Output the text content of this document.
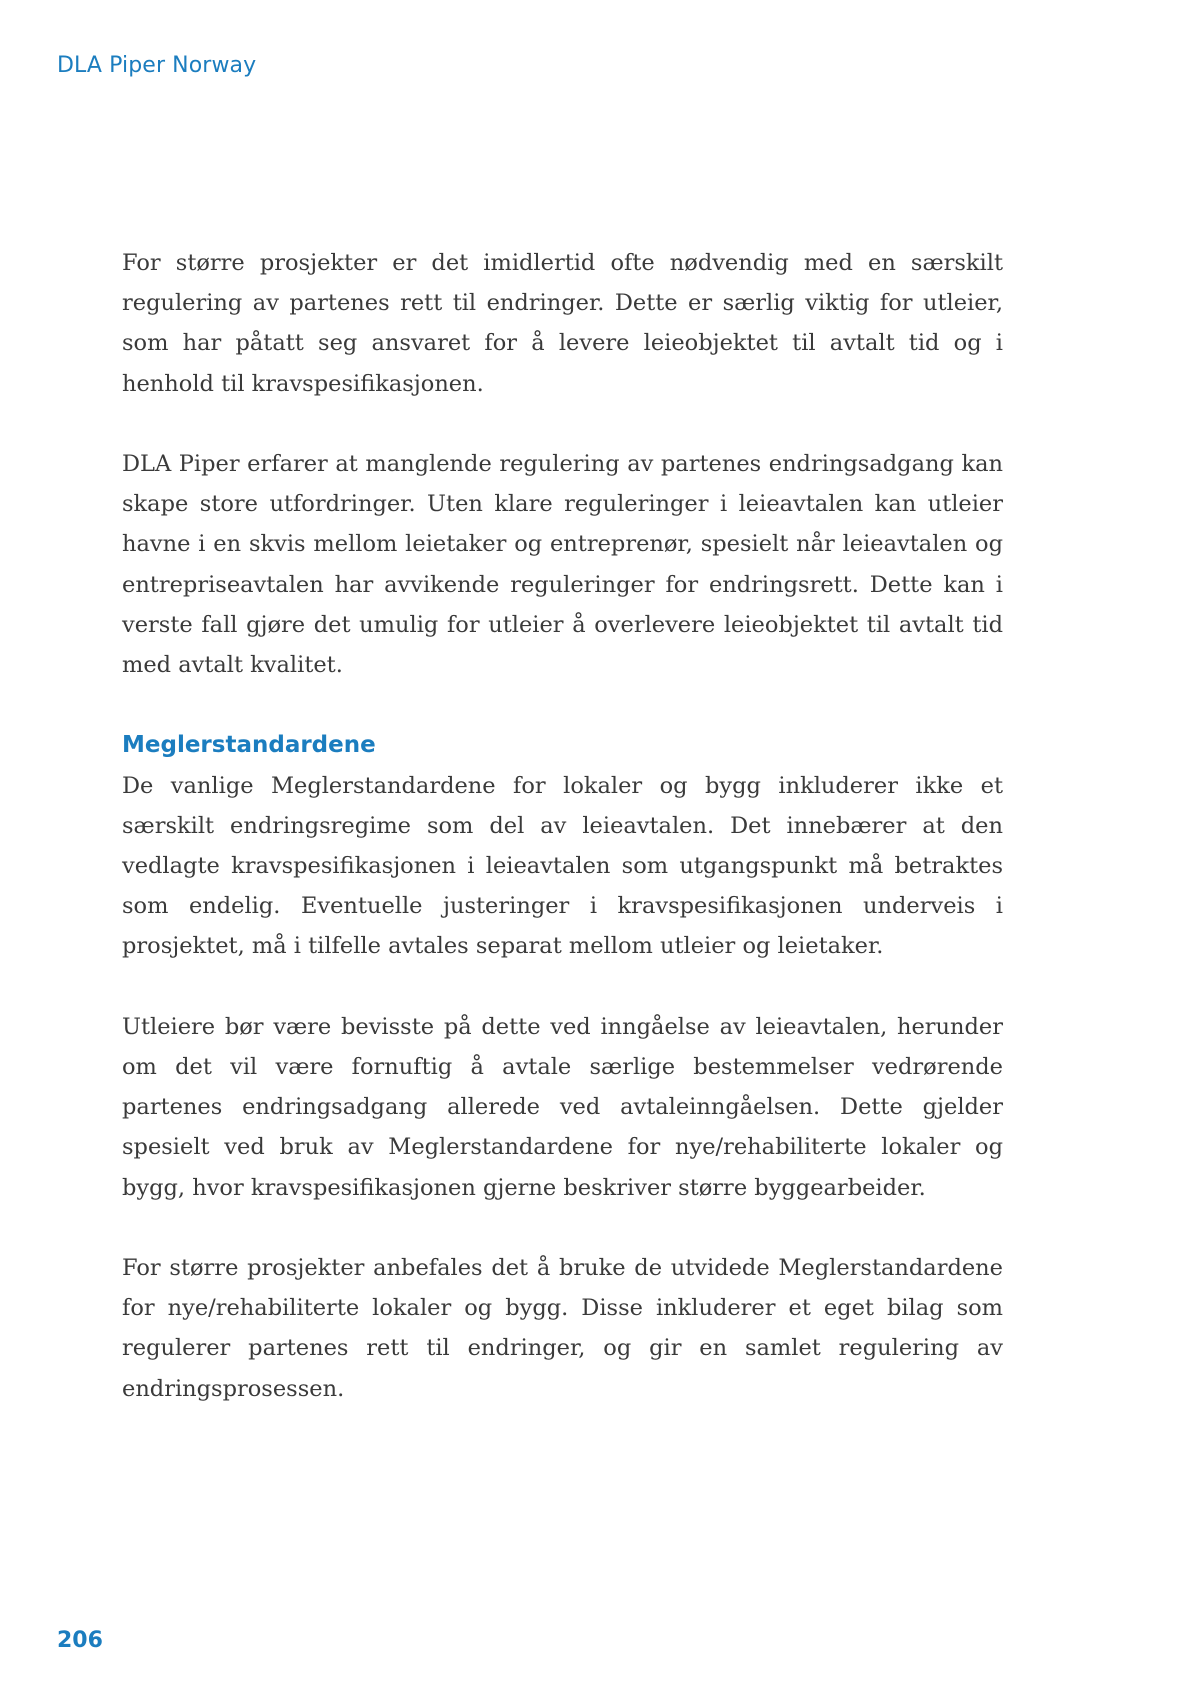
DLA Piper Norway

For større prosjekter er det imidlertid ofte nødvendig med en særskilt regulering av partenes rett til endringer. Dette er særlig viktig for utleier, som har påtatt seg ansvaret for å levere leieobjektet til avtalt tid og i henhold til kravspesifikasjonen.

DLA Piper erfarer at manglende regulering av partenes endringsadgang kan skape store utfordringer. Uten klare reguleringer i leieavtalen kan utleier havne i en skvis mellom leietaker og entreprenør, spesielt når leieavtalen og entrepriseavtalen har avvikende reguleringer for endringsrett. Dette kan i verste fall gjøre det umulig for utleier å overlevere leieobjektet til avtalt tid med avtalt kvalitet.

Meglerstandardene

De vanlige Meglerstandardene for lokaler og bygg inkluderer ikke et særskilt endringsregime som del av leieavtalen. Det innebærer at den vedlagte kravspesifikasjonen i leieavtalen som utgangspunkt må betraktes som endelig. Eventuelle justeringer i kravspesifikasjonen underveis i prosjektet, må i tilfelle avtales separat mellom utleier og leietaker.

Utleiere bør være bevisste på dette ved inngåelse av leieavtalen, herunder om det vil være fornuftig å avtale særlige bestemmelser vedrørende partenes endringsadgang allerede ved avtaleinngåelsen. Dette gjelder spesielt ved bruk av Meglerstandardene for nye/rehabiliterte lokaler og bygg, hvor kravspesifikasjonen gjerne beskriver større byggearbeider.

For større prosjekter anbefales det å bruke de utvidede Meglerstandardene for nye/rehabiliterte lokaler og bygg. Disse inkluderer et eget bilag som regulerer partenes rett til endringer, og gir en samlet regulering av endringsprosessen.

206
